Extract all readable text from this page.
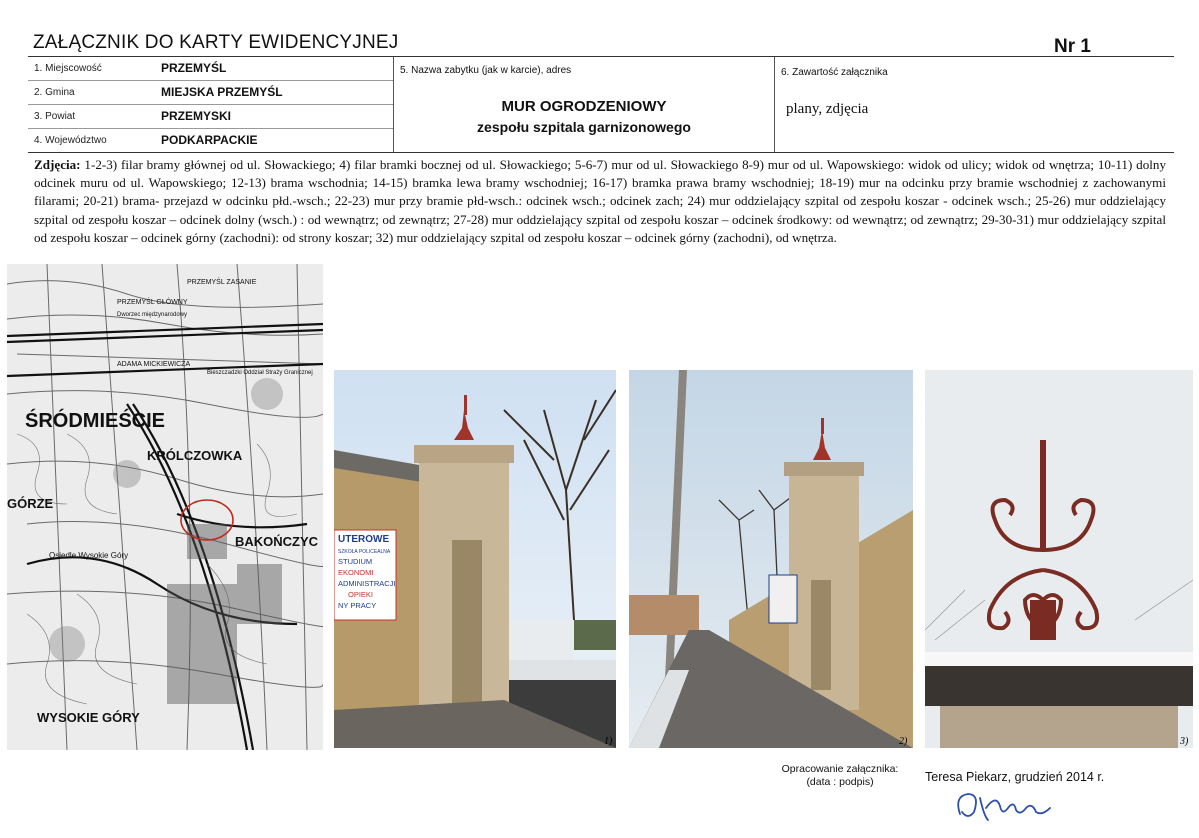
ZAŁĄCZNIK DO KARTY EWIDENCYJNEJ	Nr 1
1. Miejscowość	PRZEMYŚL
2. Gmina	MIEJSKA PRZEMYŚL
3. Powiat	PRZEMYSKI
4. Województwo	PODKARPACKIE
5. Nazwa zabytku (jak w karcie), adres
MUR OGRODZENIOWY
zespołu szpitala garnizonowego
6. Zawartość załącznika
plany, zdjęcia
Zdjęcia: 1-2-3) filar bramy głównej od ul. Słowackiego; 4) filar bramki bocznej od ul. Słowackiego; 5-6-7) mur od ul. Słowackiego 8-9) mur od ul. Wapowskiego: widok od ulicy; widok od wnętrza; 10-11) dolny odcinek muru od ul. Wapowskiego; 12-13) brama wschodnia; 14-15) bramka lewa bramy wschodniej; 16-17) bramka prawa bramy wschodniej; 18-19) mur na odcinku przy bramie wschodniej z zachowanymi filarami; 20-21) brama- przejazd w odcinku płd.-wsch.; 22-23) mur przy bramie płd-wsch.: odcinek wsch.; odcinek zach; 24) mur oddzielający szpital od zespołu koszar - odcinek wsch.; 25-26) mur oddzielający szpital od zespołu koszar – odcinek dolny (wsch.) : od wewnątrz; od zewnątrz; 27-28) mur oddzielający szpital od zespołu koszar – odcinek środkowy: od wewnątrz; od zewnątrz; 29-30-31) mur oddzielający szpital od zespołu koszar – odcinek górny (zachodni): od strony koszar; 32) mur oddzielający szpital od zespołu koszar – odcinek górny (zachodni), od wnętrza.
ŚRÓDMIEŚCIE
KRÓLCZOWKA
GÓRZE
BAKOŃCZYC
WYSOKIE GÓRY
Osiedle Wysokie Góry
PRZEMYŚL GŁÓWNY
Dworzec międzynarodowy
ADAMA MICKIEWICZA
Bieszczadzki Oddział Straży Granicznej
PRZEMYŚL ZASANIE
UTEROWE
SZKOŁA POLICEALNA
STUDIUM
EKONOMI
ADMINISTRACJI
OPIEKI
NY PRACY
1)	2)	3)
Opracowanie załącznika:
(data : podpis)	Teresa Piekarz, grudzień 2014 r.
